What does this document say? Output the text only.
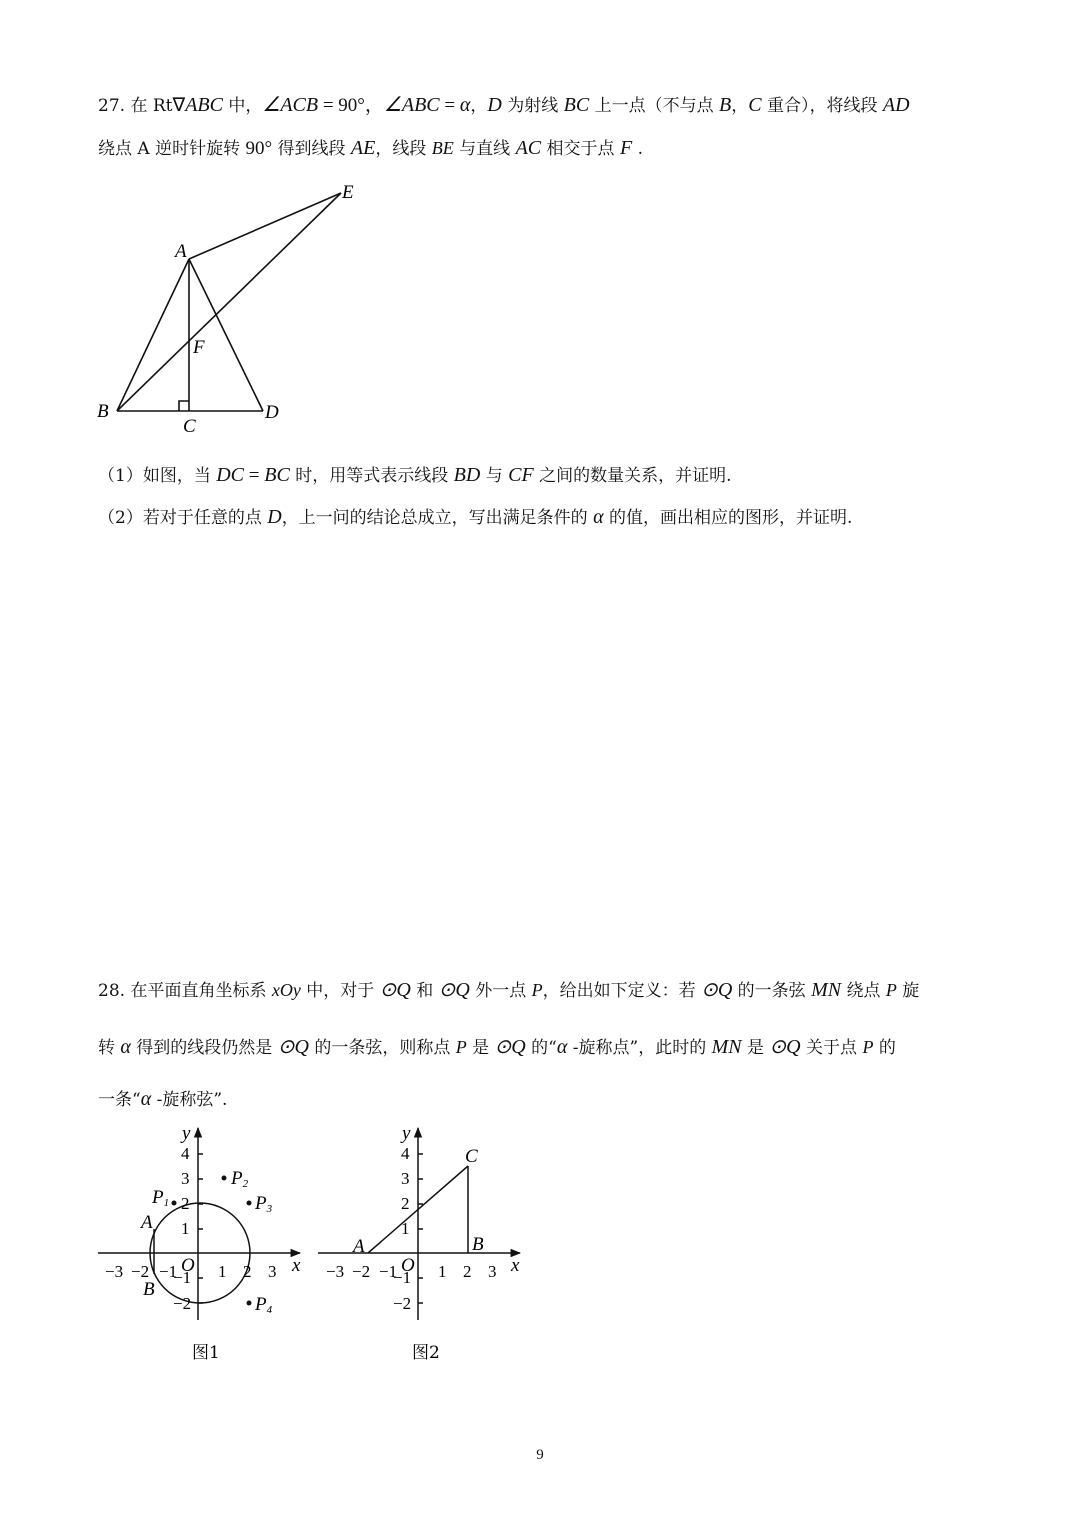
27. 在 Rt∇ABC 中，∠ACB = 90°，∠ABC = α，D 为射线 BC 上一点（不与点 B，C 重合），将线段 AD
绕点 A 逆时针旋转 90° 得到线段 AE，线段 BE 与直线 AC 相交于点 F .
E
A
F
B
C
D
（1）如图，当 DC = BC 时，用等式表示线段 BD 与 CF 之间的数量关系，并证明.
（2）若对于任意的点 D，上一问的结论总成立，写出满足条件的 α 的值，画出相应的图形，并证明.
28. 在平面直角坐标系 xOy 中，对于 ⊙Q 和 ⊙Q 外一点 P，给出如下定义：若 ⊙Q 的一条弦 MN 绕点 P 旋
转 α 得到的线段仍然是 ⊙Q 的一条弦，则称点 P 是 ⊙Q 的“α -旋称点”，此时的 MN 是 ⊙Q 关于点 P 的
一条“α -旋称弦”.
y
x
4
3
2
1
−1
−2
−3 −2 −1 O 1 2 3
P1
P2
P3
P4
A
B
图1
y
x
4
3
2
1
−1
−2
−3 −2 −1 O 1 2 3
A	B
C
图2
9
